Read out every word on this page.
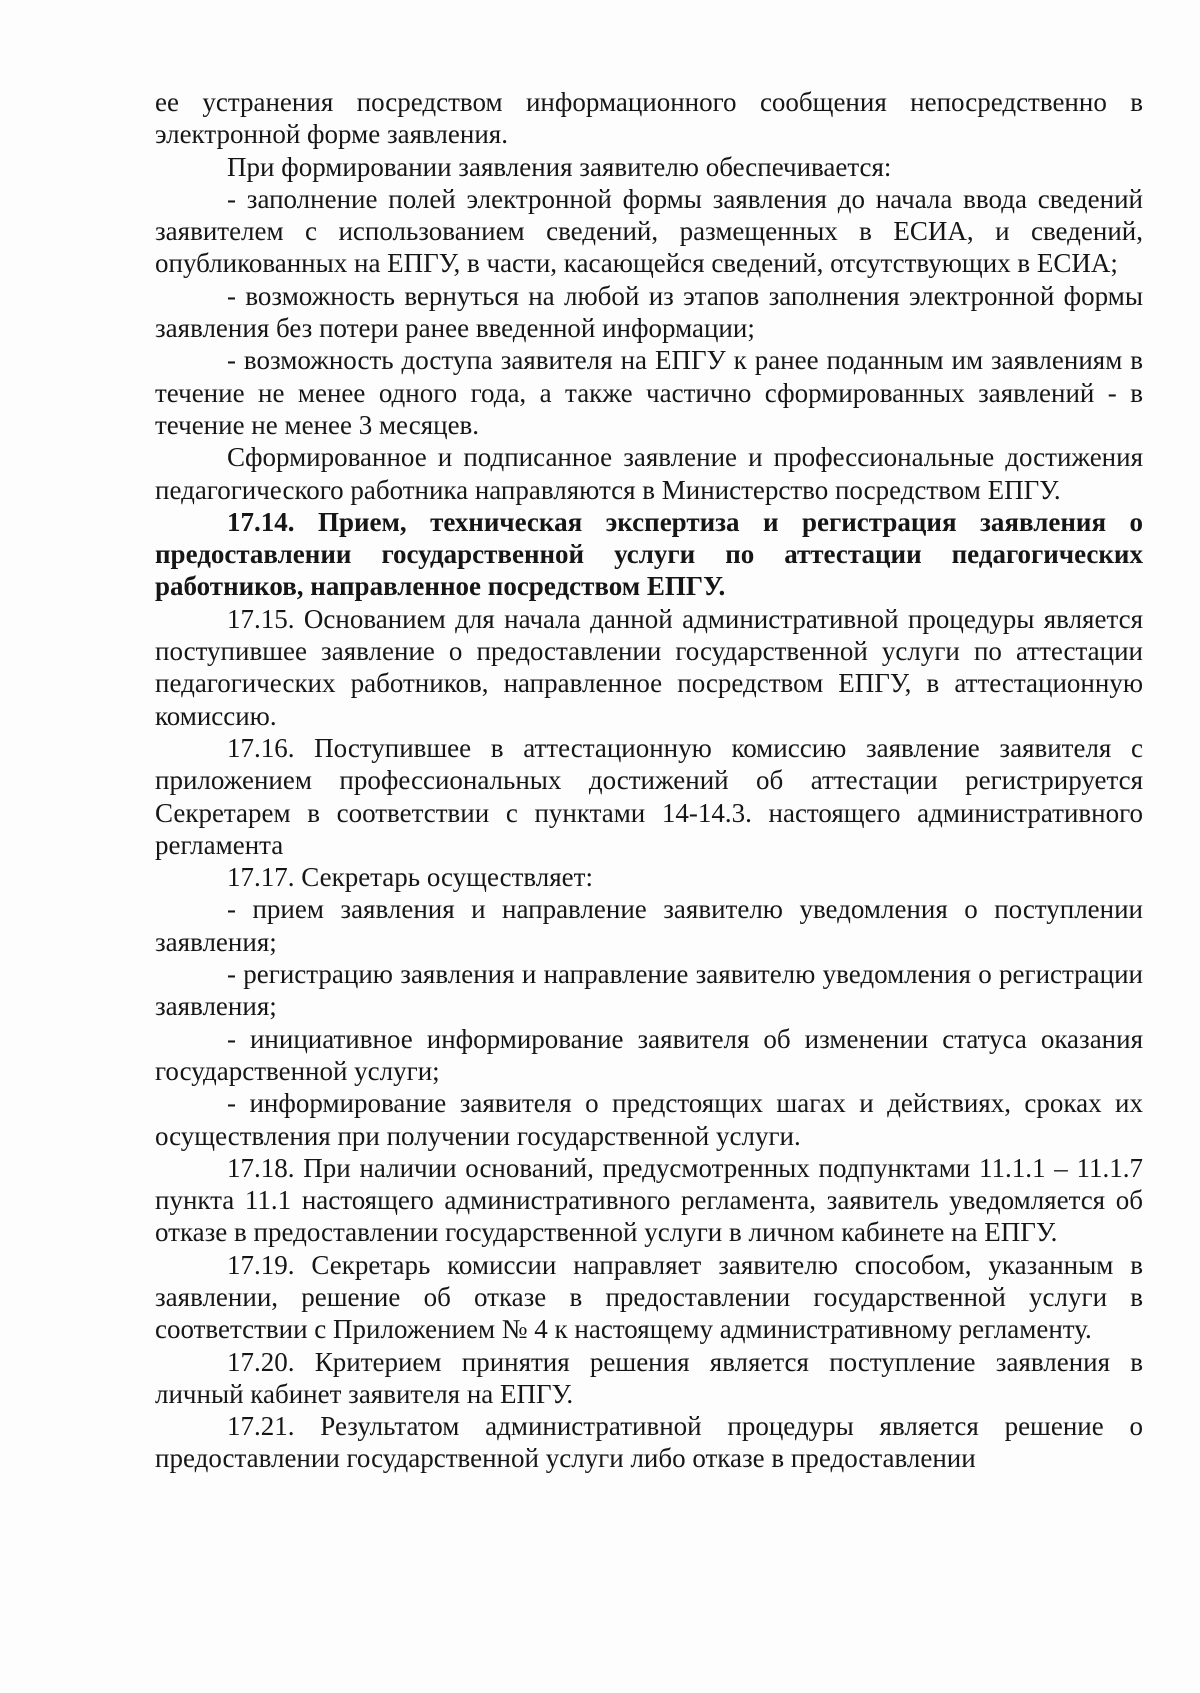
ее устранения посредством информационного сообщения непосредственно в электронной форме заявления.

При формировании заявления заявителю обеспечивается:

- заполнение полей электронной формы заявления до начала ввода сведений заявителем с использованием сведений, размещенных в ЕСИА, и сведений, опубликованных на ЕПГУ, в части, касающейся сведений, отсутствующих в ЕСИА;

- возможность вернуться на любой из этапов заполнения электронной формы заявления без потери ранее введенной информации;

- возможность доступа заявителя на ЕПГУ к ранее поданным им заявлениям в течение не менее одного года, а также частично сформированных заявлений - в течение не менее 3 месяцев.

Сформированное и подписанное заявление и профессиональные достижения педагогического работника направляются в Министерство посредством ЕПГУ.

17.14. Прием, техническая экспертиза и регистрация заявления о предоставлении государственной услуги по аттестации педагогических работников, направленное посредством ЕПГУ.

17.15. Основанием для начала данной административной процедуры является поступившее заявление о предоставлении государственной услуги по аттестации педагогических работников, направленное посредством ЕПГУ, в аттестационную комиссию.

17.16. Поступившее в аттестационную комиссию заявление заявителя с приложением профессиональных достижений об аттестации регистрируется Секретарем в соответствии с пунктами 14-14.3. настоящего административного регламента

17.17. Секретарь осуществляет:

- прием заявления и направление заявителю уведомления о поступлении заявления;

- регистрацию заявления и направление заявителю уведомления о регистрации заявления;

- инициативное информирование заявителя об изменении статуса оказания государственной услуги;

- информирование заявителя о предстоящих шагах и действиях, сроках их осуществления при получении государственной услуги.

17.18. При наличии оснований, предусмотренных подпунктами 11.1.1 – 11.1.7 пункта 11.1 настоящего административного регламента, заявитель уведомляется об отказе в предоставлении государственной услуги в личном кабинете на ЕПГУ.

17.19. Секретарь комиссии направляет заявителю способом, указанным в заявлении, решение об отказе в предоставлении государственной услуги в соответствии с Приложением № 4 к настоящему административному регламенту.

17.20. Критерием принятия решения является поступление заявления в личный кабинет заявителя на ЕПГУ.

17.21. Результатом административной процедуры является решение о предоставлении государственной услуги либо отказе в предоставлении
